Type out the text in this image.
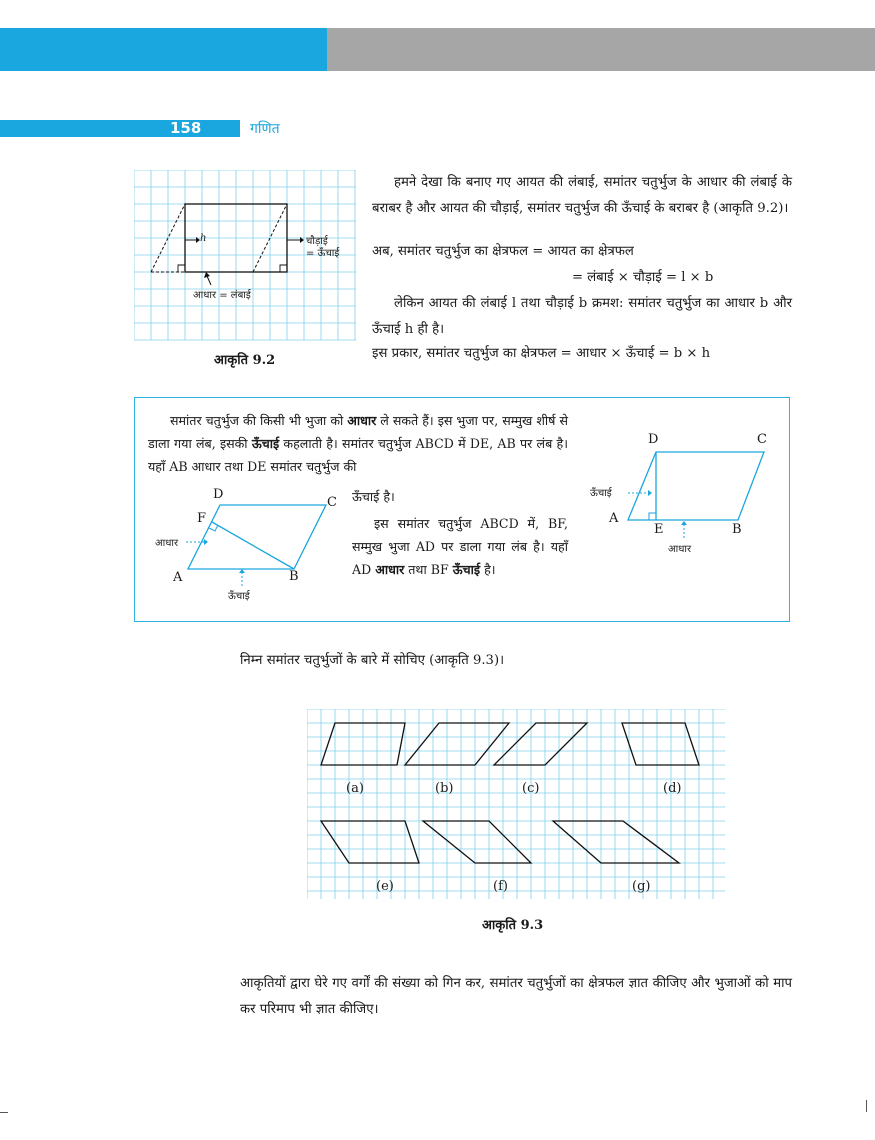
158	गणित
h	चौड़ाई
= ऊँचाई
आधार = लंबाई
आकृति 9.2
हमने देखा कि बनाए गए आयत की लंबाई, समांतर चतुर्भुज के आधार की लंबाई के बराबर है और आयत की चौड़ाई, समांतर चतुर्भुज की ऊँचाई के बराबर है (आकृति 9.2)।
अब, समांतर चतुर्भुज का क्षेत्रफल = आयत का क्षेत्रफल
= लंबाई × चौड़ाई = l × b
लेकिन आयत की लंबाई l तथा चौड़ाई b क्रमश: समांतर चतुर्भुज का आधार b और ऊँचाई h ही है।
इस प्रकार, समांतर चतुर्भुज का क्षेत्रफल = आधार × ऊँचाई = b × h
समांतर चतुर्भुज की किसी भी भुजा को आधार ले सकते हैं। इस भुजा पर, सम्मुख शीर्ष से डाला गया लंब, इसकी ऊँचाई कहलाती है। समांतर चतुर्भुज ABCD में DE, AB पर लंब है। यहाँ AB आधार तथा DE समांतर चतुर्भुज की
ऊँचाई है।
इस समांतर चतुर्भुज ABCD में, BF, सम्मुख भुजा AD पर डाला गया लंब है। यहाँ AD आधार तथा BF ऊँचाई है।
D
C
F
A	B
आधार
ऊँचाई
D	C
A
E	B
ऊँचाई
आधार
निम्न समांतर चतुर्भुजों के बारे में सोचिए (आकृति 9.3)।
(a)	(b)	(c)	(d)
(e)	(f)	(g)
आकृति 9.3
आकृतियों द्वारा घेरे गए वर्गों की संख्या को गिन कर, समांतर चतुर्भुजों का क्षेत्रफल ज्ञात कीजिए और भुजाओं को माप कर परिमाप भी ज्ञात कीजिए।
